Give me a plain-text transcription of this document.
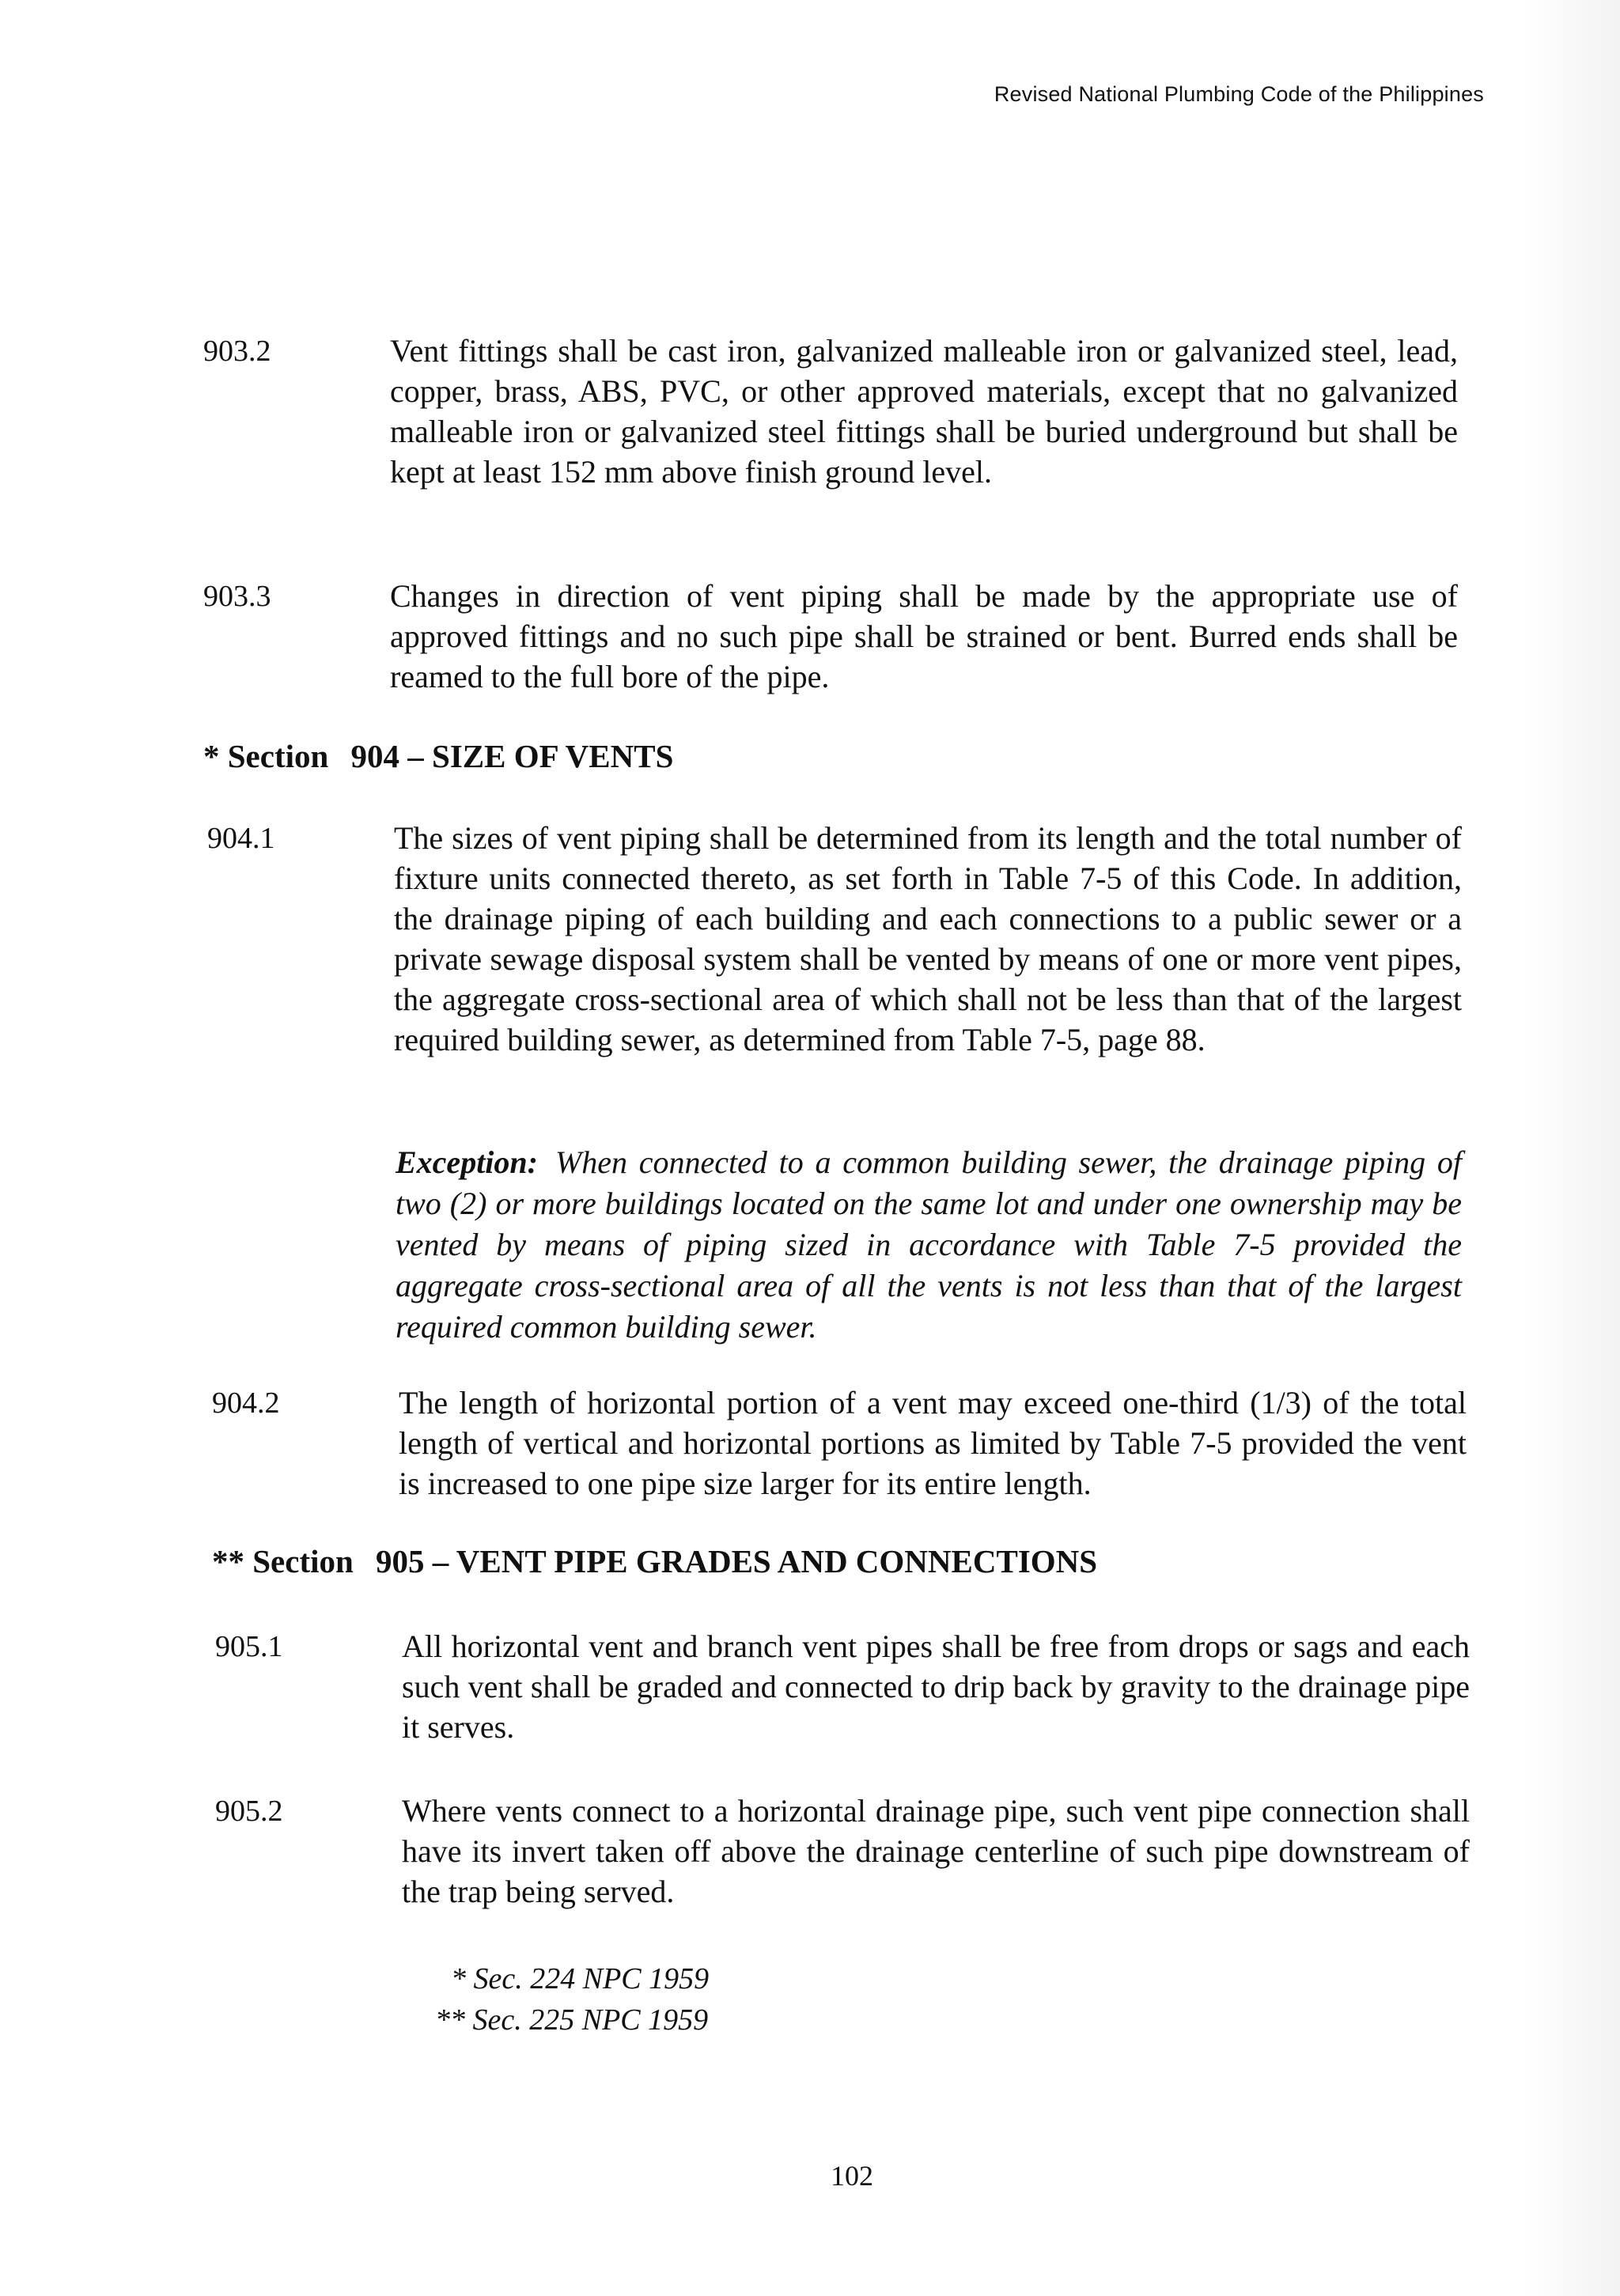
Revised National Plumbing Code of the Philippines
903.2	Vent fittings shall be cast iron, galvanized malleable iron or galvanized steel, lead, copper, brass, ABS, PVC, or other approved materials, except that no galvanized malleable iron or galvanized steel fittings shall be buried underground but shall be kept at least 152 mm above finish ground level.

903.3	Changes in direction of vent piping shall be made by the appropriate use of approved fittings and no such pipe shall be strained or bent. Burred ends shall be reamed to the full bore of the pipe.

* Section 904 – SIZE OF VENTS
904.1	The sizes of vent piping shall be determined from its length and the total number of fixture units connected thereto, as set forth in Table 7-5 of this Code. In addition, the drainage piping of each building and each connections to a public sewer or a private sewage disposal system shall be vented by means of one or more vent pipes, the aggregate cross-sectional area of which shall not be less than that of the largest required building sewer, as determined from Table 7-5, page 88.

Exception: When connected to a common building sewer, the drainage piping of two (2) or more buildings located on the same lot and under one ownership may be vented by means of piping sized in accordance with Table 7-5 provided the aggregate cross-sectional area of all the vents is not less than that of the largest required common building sewer.

904.2	The length of horizontal portion of a vent may exceed one-third (1/3) of the total length of vertical and horizontal portions as limited by Table 7-5 provided the vent is increased to one pipe size larger for its entire length.

** Section 905 – VENT PIPE GRADES AND CONNECTIONS
905.1	All horizontal vent and branch vent pipes shall be free from drops or sags and each such vent shall be graded and connected to drip back by gravity to the drainage pipe it serves.

905.2	Where vents connect to a horizontal drainage pipe, such vent pipe connection shall have its invert taken off above the drainage centerline of such pipe downstream of the trap being served.

* Sec. 224 NPC 1959
** Sec. 225 NPC 1959
102
